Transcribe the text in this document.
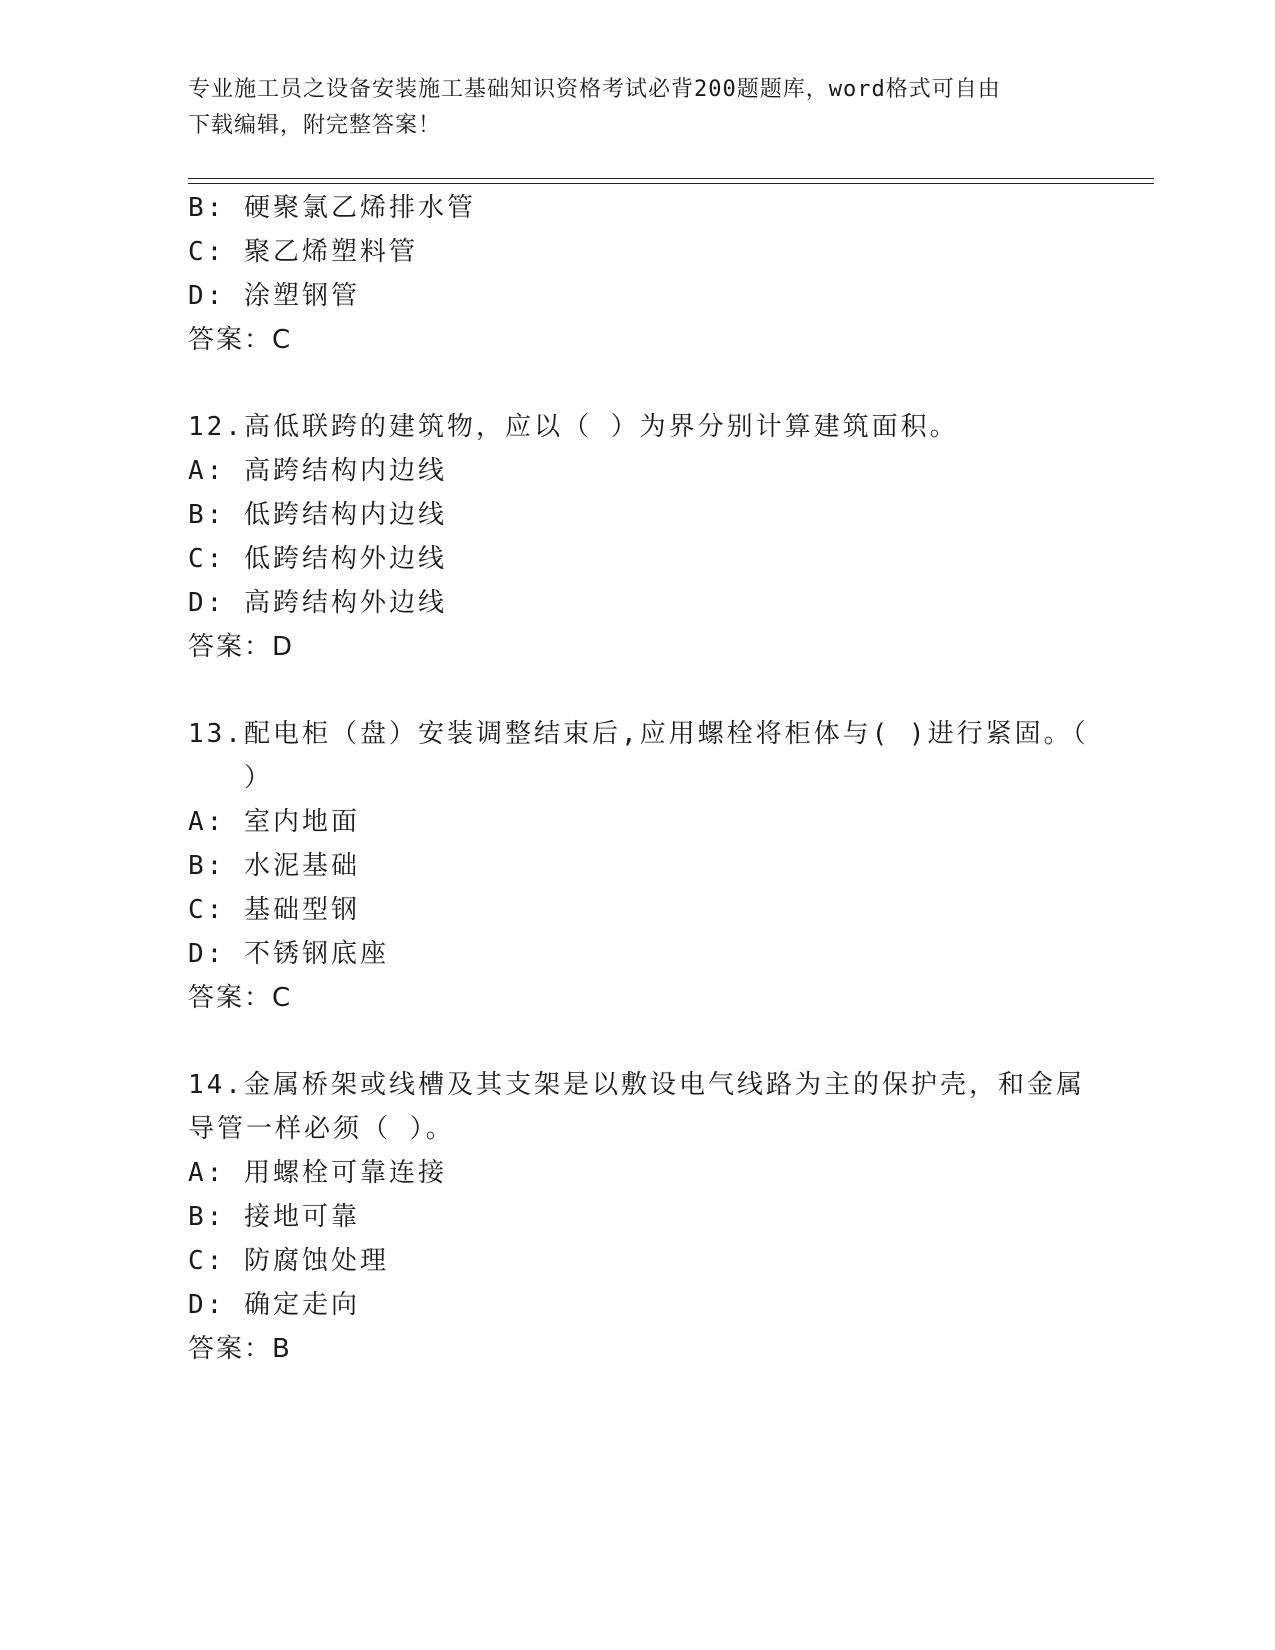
专业施工员之设备安装施工基础知识资格考试必背200题题库，word格式可自由
下载编辑，附完整答案！
B: 硬聚氯乙烯排水管
C: 聚乙烯塑料管
D: 涂塑钢管
答案：C
12.高低联跨的建筑物，应以（ ）为界分别计算建筑面积。
A: 高跨结构内边线
B: 低跨结构内边线
C: 低跨结构外边线
D: 高跨结构外边线
答案：D
13.配电柜（盘）安装调整结束后,应用螺栓将柜体与( )进行紧固。（
）
A: 室内地面
B: 水泥基础
C: 基础型钢
D: 不锈钢底座
答案：C
14.金属桥架或线槽及其支架是以敷设电气线路为主的保护壳，和金属
导管一样必须（ ）。
A: 用螺栓可靠连接
B: 接地可靠
C: 防腐蚀处理
D: 确定走向
答案：B
